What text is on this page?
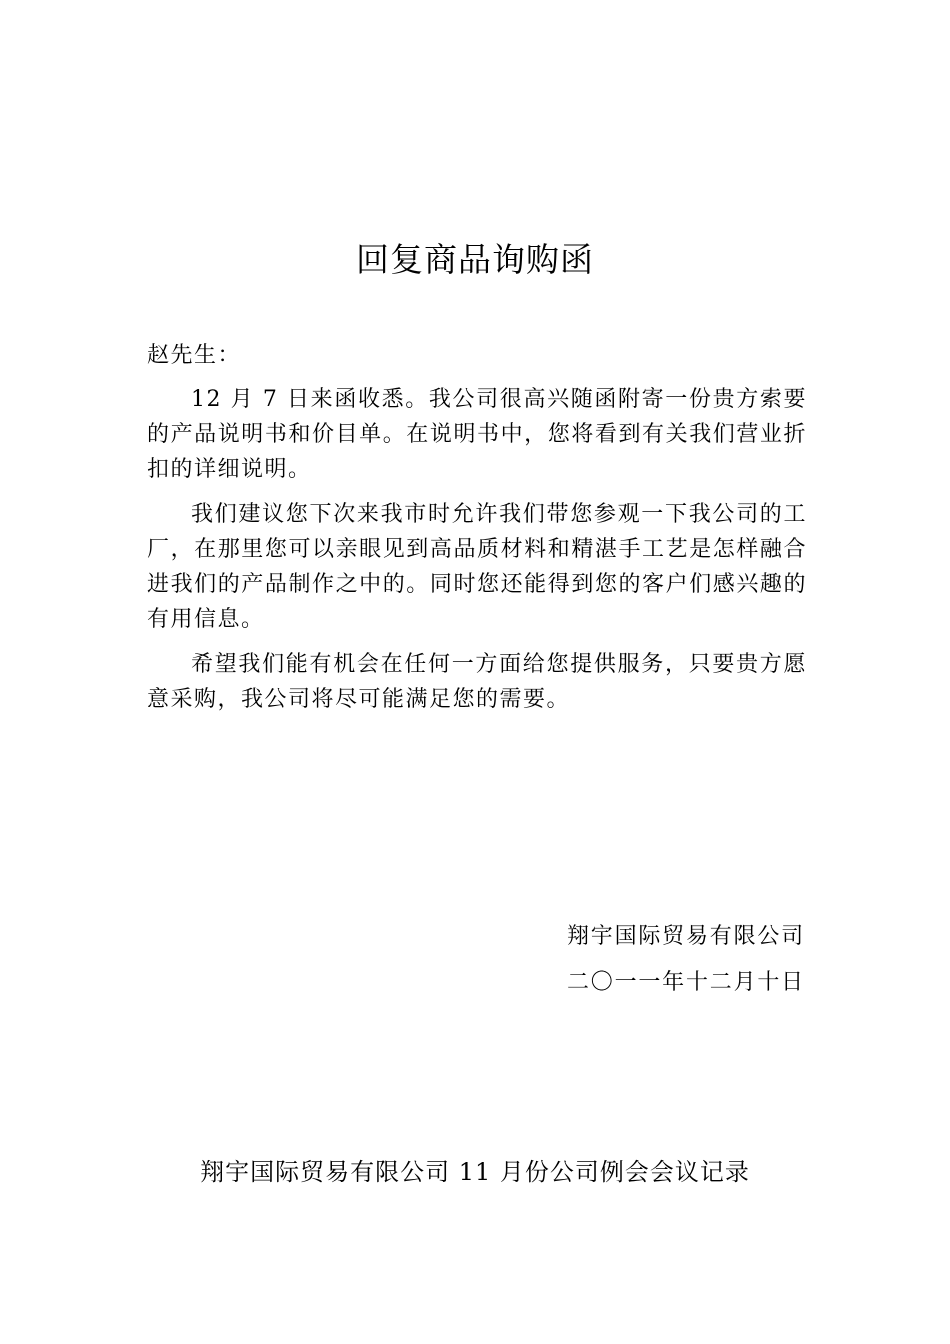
回复商品询购函

赵先生：

12 月 7 日来函收悉。我公司很高兴随函附寄一份贵方索要的产品说明书和价目单。在说明书中，您将看到有关我们营业折扣的详细说明。

我们建议您下次来我市时允许我们带您参观一下我公司的工厂，在那里您可以亲眼见到高品质材料和精湛手工艺是怎样融合进我们的产品制作之中的。同时您还能得到您的客户们感兴趣的有用信息。

希望我们能有机会在任何一方面给您提供服务，只要贵方愿意采购，我公司将尽可能满足您的需要。

翔宇国际贸易有限公司
二〇一一年十二月十日
翔宇国际贸易有限公司 11 月份公司例会会议记录
